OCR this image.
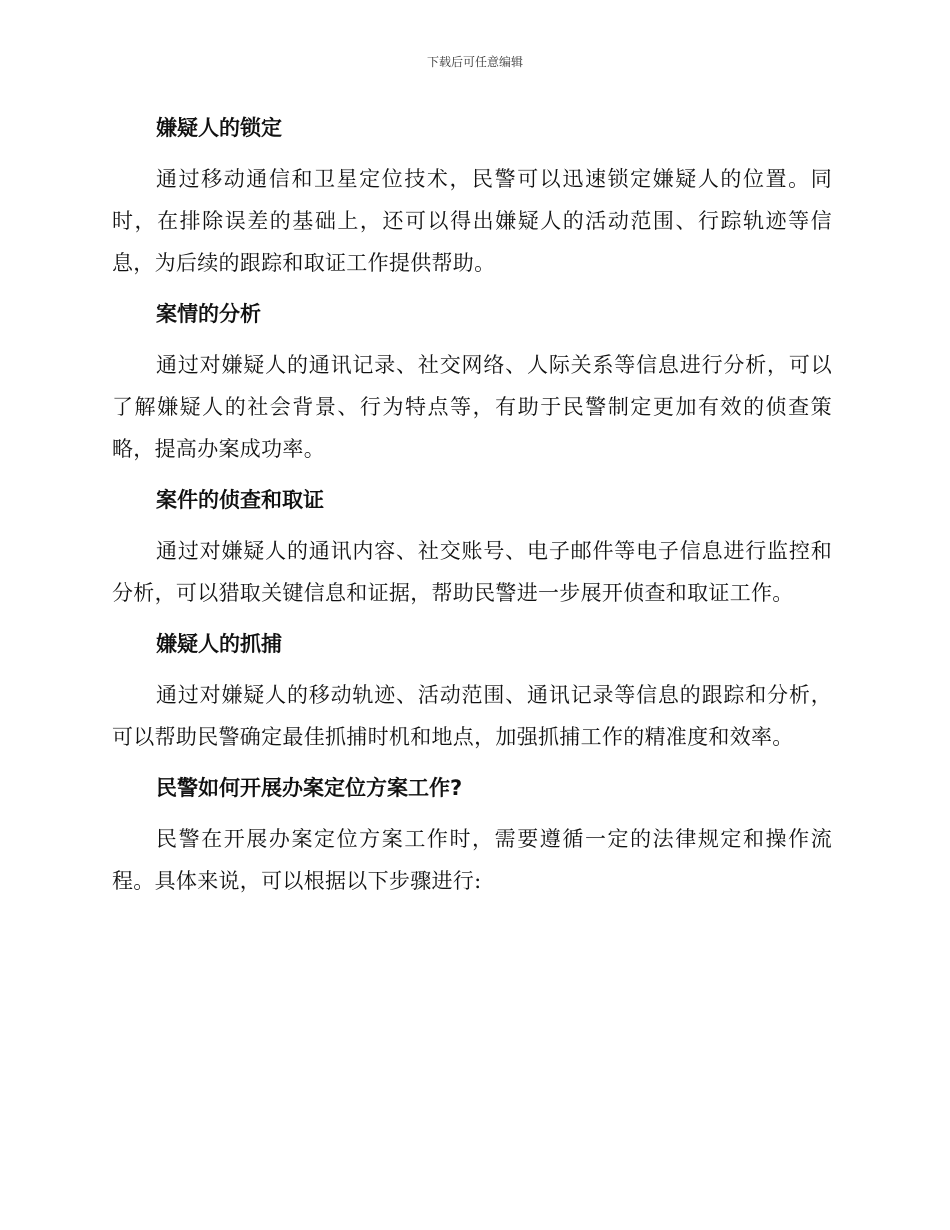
下载后可任意编辑
嫌疑人的锁定

通过移动通信和卫星定位技术，民警可以迅速锁定嫌疑人的位置。同时，在排除误差的基础上，还可以得出嫌疑人的活动范围、行踪轨迹等信息，为后续的跟踪和取证工作提供帮助。

案情的分析

通过对嫌疑人的通讯记录、社交网络、人际关系等信息进行分析，可以了解嫌疑人的社会背景、行为特点等，有助于民警制定更加有效的侦查策略，提高办案成功率。

案件的侦查和取证

通过对嫌疑人的通讯内容、社交账号、电子邮件等电子信息进行监控和分析，可以猎取关键信息和证据，帮助民警进一步展开侦查和取证工作。

嫌疑人的抓捕

通过对嫌疑人的移动轨迹、活动范围、通讯记录等信息的跟踪和分析，可以帮助民警确定最佳抓捕时机和地点，加强抓捕工作的精准度和效率。

民警如何开展办案定位方案工作?

民警在开展办案定位方案工作时，需要遵循一定的法律规定和操作流程。具体来说，可以根据以下步骤进行:
